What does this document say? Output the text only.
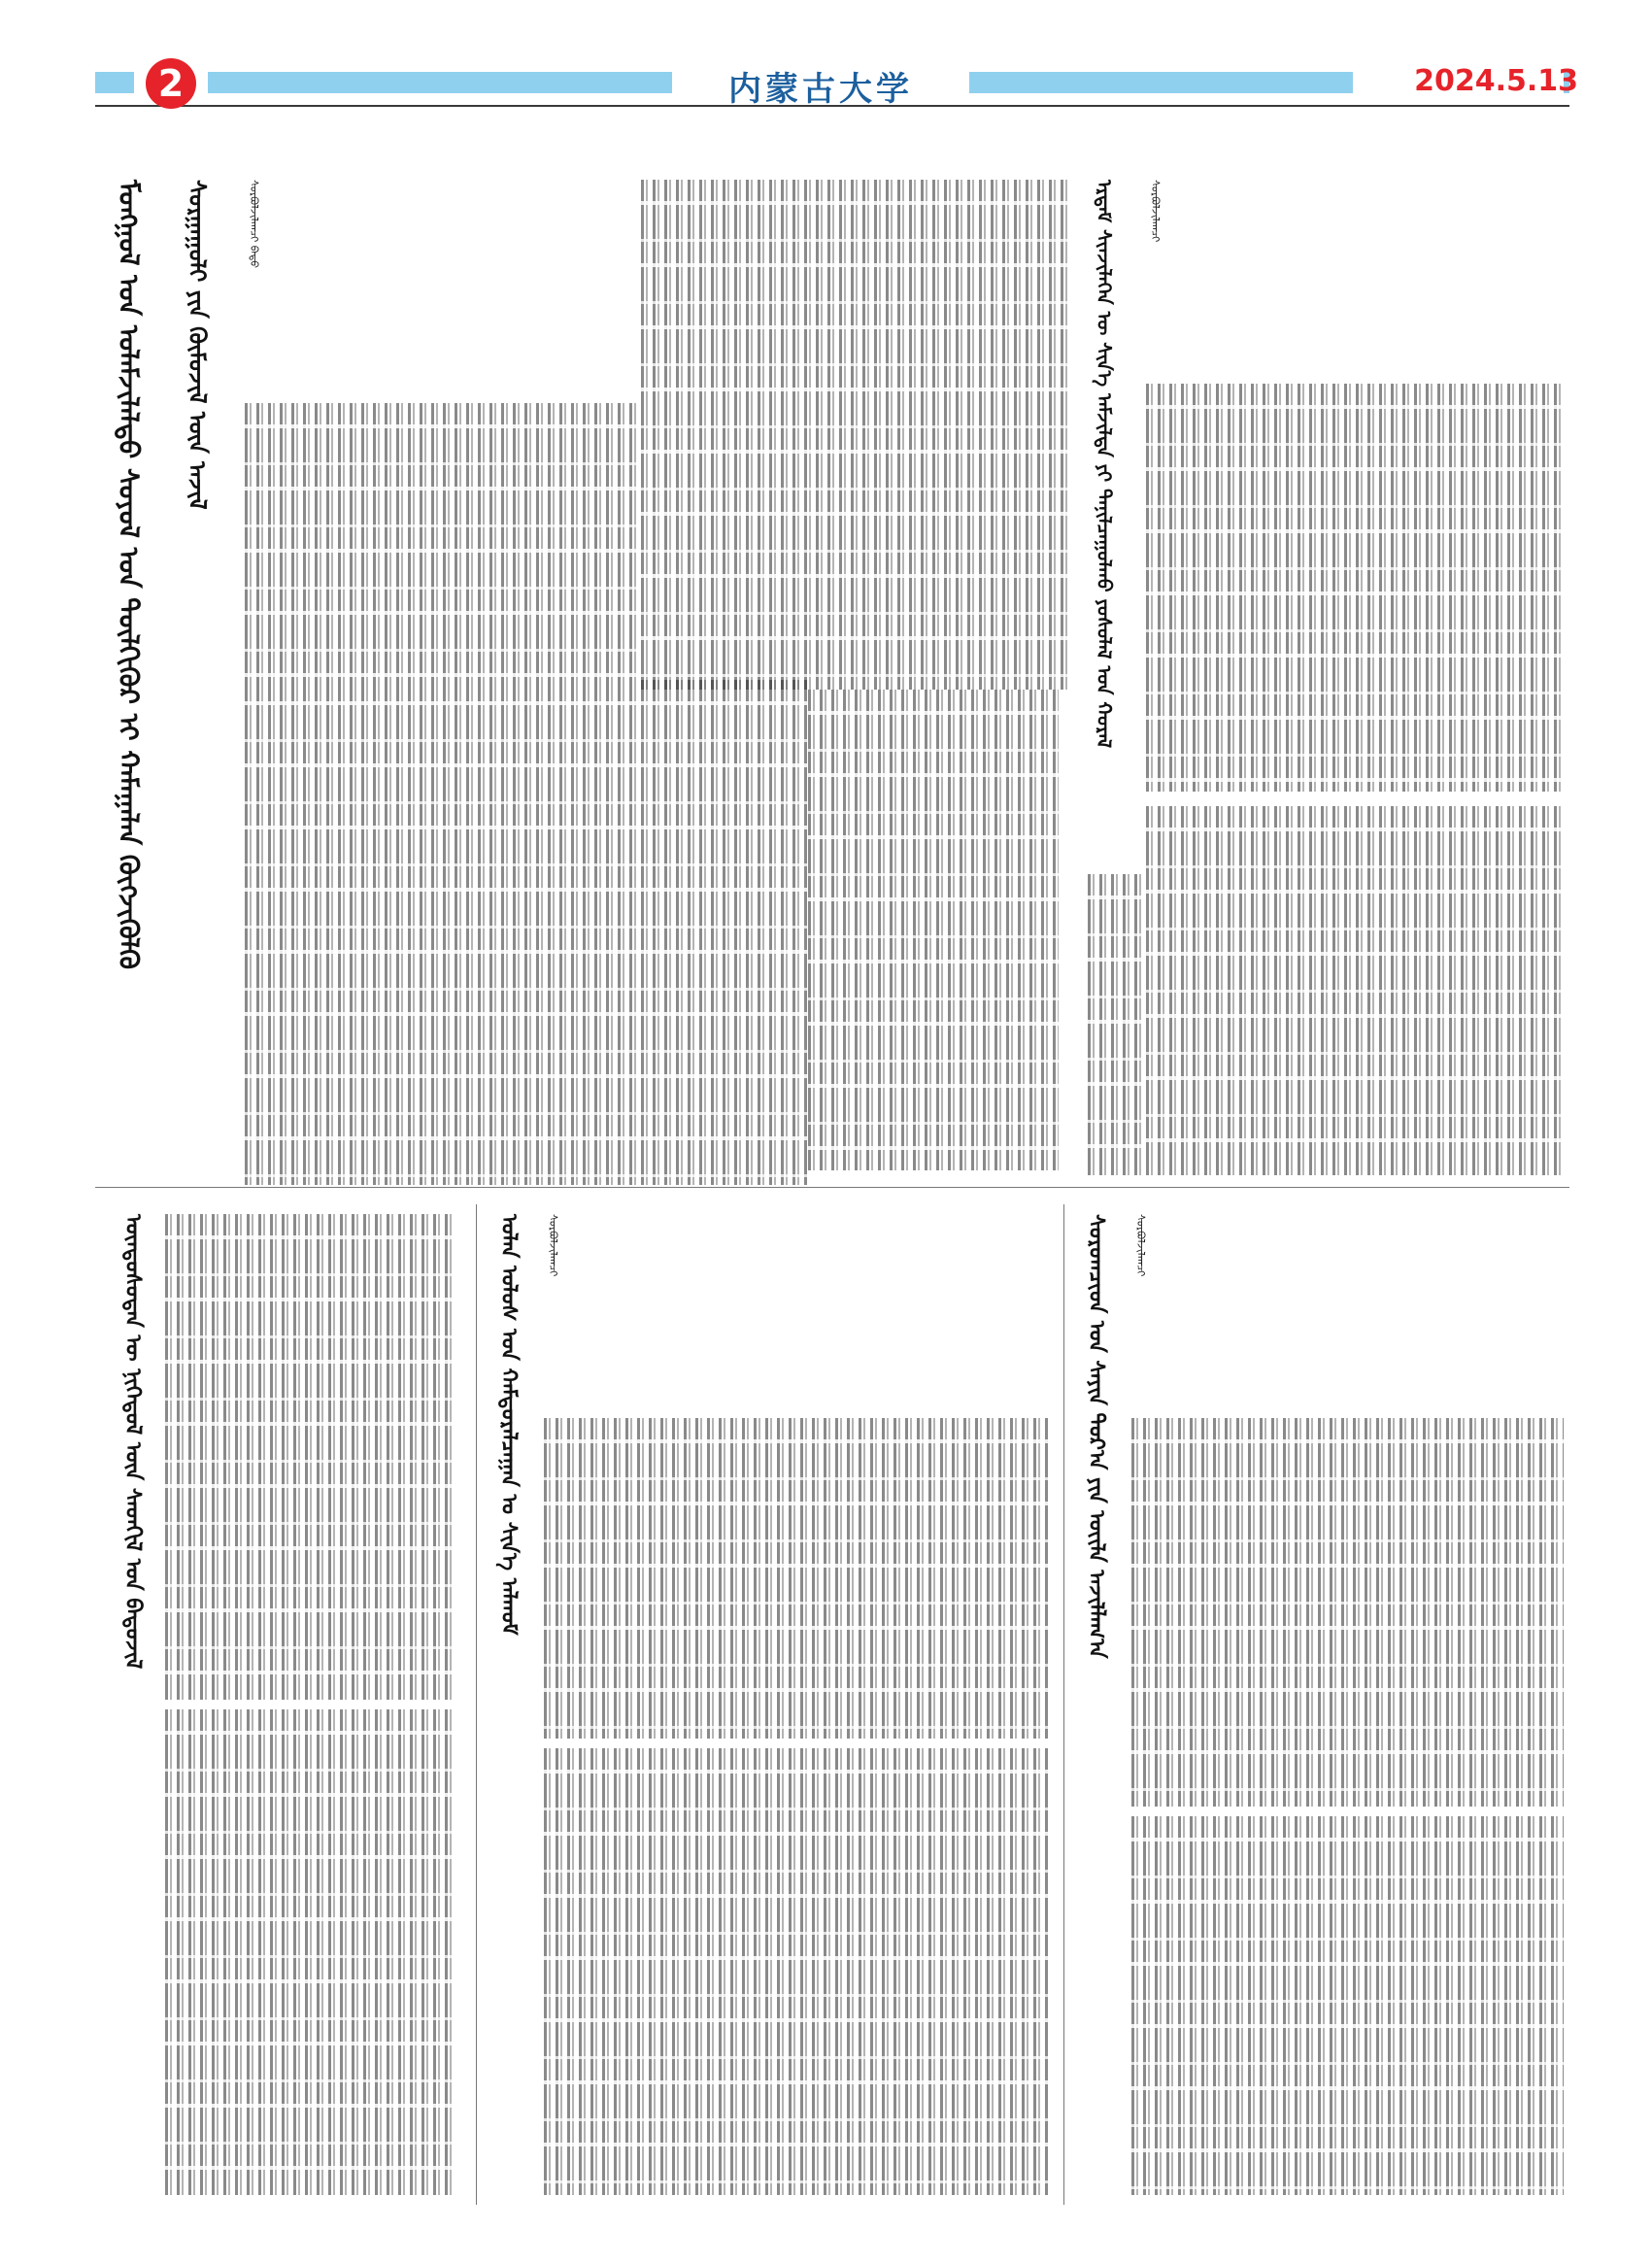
2	内蒙古大学	2024.5.13
ᠮᠣᠩᠭᠣᠯ ᠤᠨ ᠤᠯᠠᠮᠵᠢᠯᠠᠯᠳᠤ ᠰᠣᠶᠣᠯ ᠤᠨ ᠲᠦᠯᠬᠢᠭᠦᠷ ᠢ ᠬᠠᠮᠠᠭᠠᠯᠠᠨ ᠬᠥᠭᠵᠢᠭᠦᠯᠬᠦ ᠰᠤᠷᠭᠠᠭᠤᠯᠢ ᠶᠢᠨ ᠬᠦᠮᠦᠵᠢᠯ ᠦᠨ ᠠᠵᠢᠯ	ᠰᠤᠷᠪᠤᠯᠵᠢᠯᠠᠭᠴᠢ ᠪᠠᠲᠦ	ᠡᠷᠳᠡᠮ ᠰᠢᠨᠵᠢᠯᠡᠭᠡᠨ ᠦ ᠰᠢᠨ᠎ᠡ ᠠᠮᠵᠢᠯᠲᠠ ᠶᠢ ᠲᠠᠨᠢᠯᠴᠠᠭᠤᠯᠬᠤ ᠶᠣᠰᠣᠯᠠᠯ ᠤᠨ ᠬᠤᠷᠠᠯ	ᠰᠤᠷᠪᠤᠯᠵᠢᠯᠠᠭᠴᠢ
ᠦᠨᠳᠦᠰᠦᠲᠡᠨ ᠦ ᠨᠢᠭᠡᠳᠦᠯ ᠦᠨ ᠰᠡᠳᠬᠢᠯ ᠤᠨ ᠪᠠᠲᠤᠵᠢᠯ	ᠣᠯᠠᠨ ᠤᠯᠤᠰ ᠤᠨ ᠬᠠᠮᠲᠤᠷᠠᠯᠴᠠᠭᠠᠨ ᠤ ᠰᠢᠨ᠎ᠡ ᠠᠯᠬᠤᠮ	ᠰᠤᠷᠪᠤᠯᠵᠢᠯᠠᠭᠴᠢ	ᠰᠤᠷᠤᠭᠴᠢᠳ ᠤᠨ ᠰᠠᠶᠢᠨ ᠳᠤᠷ᠎ᠠ ᠶᠢᠨ ᠦᠢᠯᠡ ᠠᠵᠢᠯᠯᠠᠭ᠎ᠠ	ᠰᠤᠷᠪᠤᠯᠵᠢᠯᠠᠭᠴᠢ
